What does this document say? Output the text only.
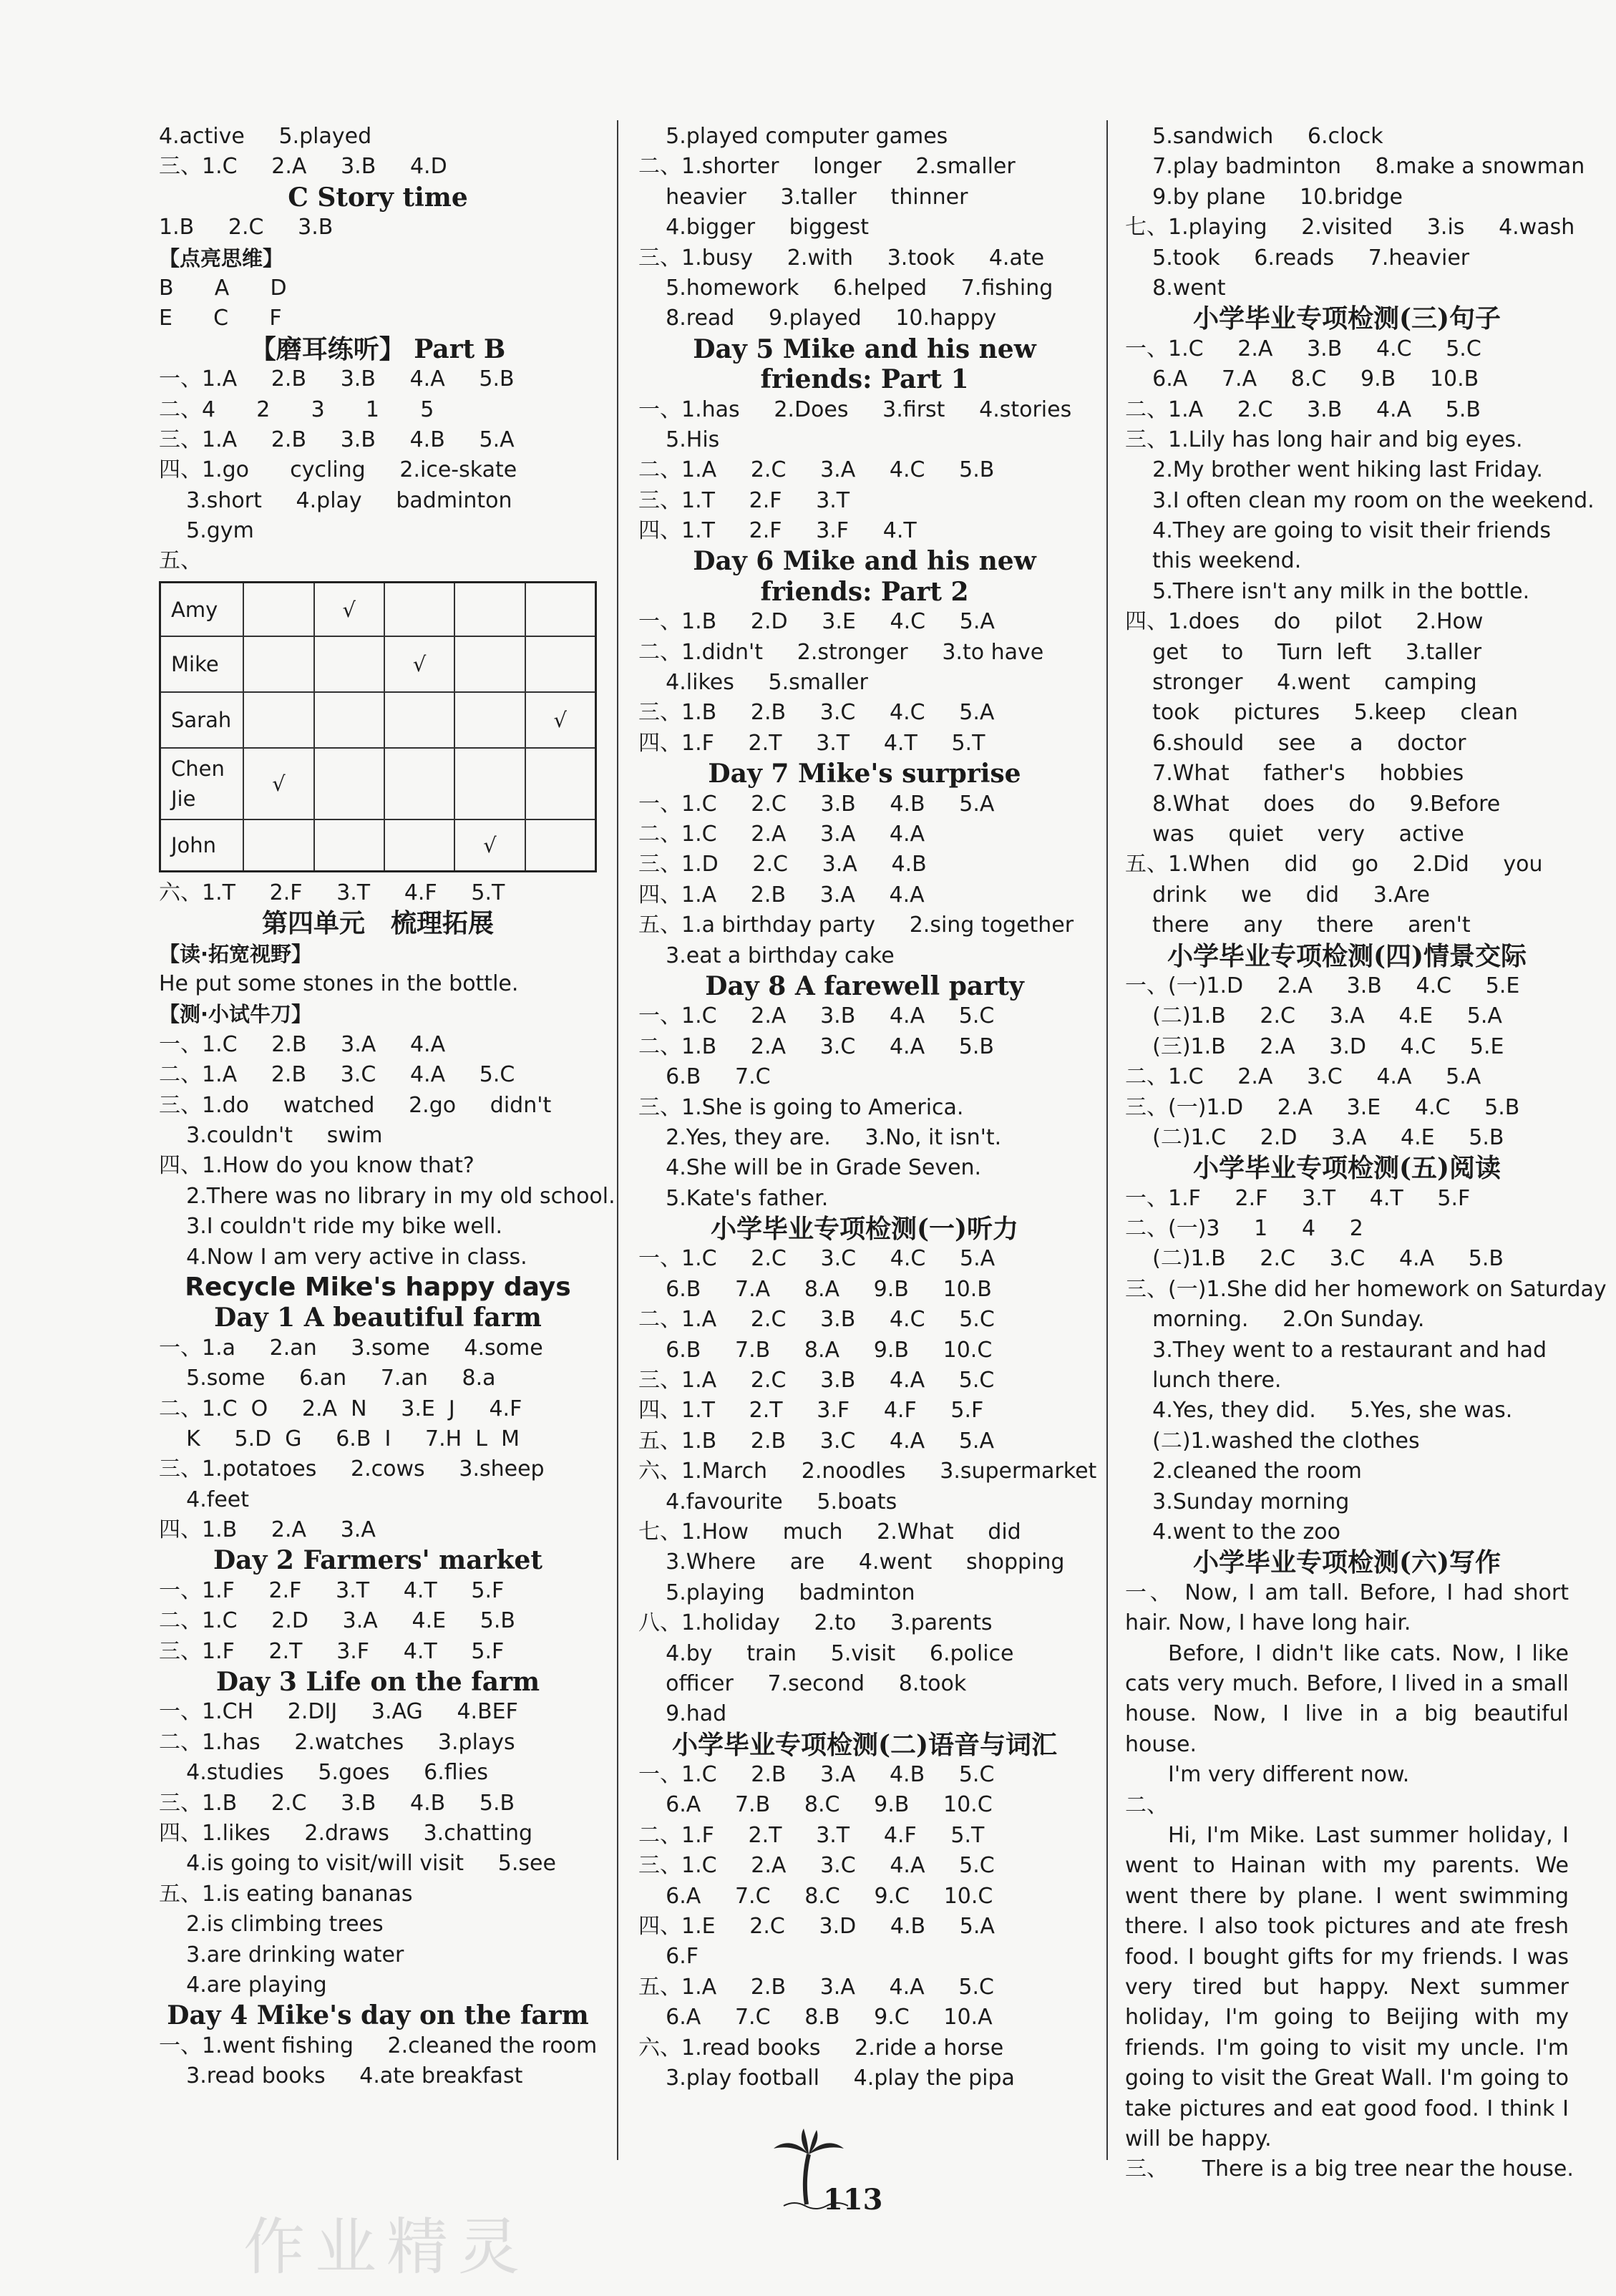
4.active     5.played
三、1.C     2.A     3.B     4.D
C Story time
1.B     2.C     3.B
【点亮思维】
B      A      D
E      C      F
【磨耳练听】 Part B
一、1.A     2.B     3.B     4.A     5.B
二、4      2      3      1      5
三、1.A     2.B     3.B     4.B     5.A
四、1.go      cycling     2.ice-skate
3.short     4.play     badminton
5.gym
五、
Amy		√			
Mike			√		
Sarah					√
Chen Jie	√				
John				√	
六、1.T     2.F     3.T     4.F     5.T
第四单元　梳理拓展
【读·拓宽视野】
He put some stones in the bottle.
【测·小试牛刀】
一、1.C     2.B     3.A     4.A
二、1.A     2.B     3.C     4.A     5.C
三、1.do     watched     2.go     didn't
3.couldn't     swim
四、1.How do you know that?
2.There was no library in my old school.
3.I couldn't ride my bike well.
4.Now I am very active in class.
Recycle Mike's happy days
Day 1 A beautiful farm
一、1.a     2.an     3.some     4.some
5.some     6.an     7.an     8.a
二、1.C  O     2.A  N     3.E  J     4.F
K     5.D  G     6.B  I     7.H  L  M
三、1.potatoes     2.cows     3.sheep
4.feet
四、1.B     2.A     3.A
Day 2 Farmers' market
一、1.F     2.F     3.T     4.T     5.F
二、1.C     2.D     3.A     4.E     5.B
三、1.F     2.T     3.F     4.T     5.F
Day 3 Life on the farm
一、1.CH     2.DIJ     3.AG     4.BEF
二、1.has     2.watches     3.plays
4.studies     5.goes     6.flies
三、1.B     2.C     3.B     4.B     5.B
四、1.likes     2.draws     3.chatting
4.is going to visit/will visit     5.see
五、1.is eating bananas
2.is climbing trees
3.are drinking water
4.are playing
Day 4 Mike's day on the farm
一、1.went fishing     2.cleaned the room
3.read books     4.ate breakfast
5.played computer games
二、1.shorter     longer     2.smaller
heavier     3.taller     thinner
4.bigger     biggest
三、1.busy     2.with     3.took     4.ate
5.homework     6.helped     7.fishing
8.read     9.played     10.happy
Day 5 Mike and his new
friends: Part 1
一、1.has     2.Does     3.first     4.stories
5.His
二、1.A     2.C     3.A     4.C     5.B
三、1.T     2.F     3.T
四、1.T     2.F     3.F     4.T
Day 6 Mike and his new
friends: Part 2
一、1.B     2.D     3.E     4.C     5.A
二、1.didn't     2.stronger     3.to have
4.likes     5.smaller
三、1.B     2.B     3.C     4.C     5.A
四、1.F     2.T     3.T     4.T     5.T
Day 7 Mike's surprise
一、1.C     2.C     3.B     4.B     5.A
二、1.C     2.A     3.A     4.A
三、1.D     2.C     3.A     4.B
四、1.A     2.B     3.A     4.A
五、1.a birthday party     2.sing together
3.eat a birthday cake
Day 8 A farewell party
一、1.C     2.A     3.B     4.A     5.C
二、1.B     2.A     3.C     4.A     5.B
6.B     7.C
三、1.She is going to America.
2.Yes, they are.     3.No, it isn't.
4.She will be in Grade Seven.
5.Kate's father.
小学毕业专项检测(一)听力
一、1.C     2.C     3.C     4.C     5.A
6.B     7.A     8.A     9.B     10.B
二、1.A     2.C     3.B     4.C     5.C
6.B     7.B     8.A     9.B     10.C
三、1.A     2.C     3.B     4.A     5.C
四、1.T     2.T     3.F     4.F     5.F
五、1.B     2.B     3.C     4.A     5.A
六、1.March     2.noodles     3.supermarket
4.favourite     5.boats
七、1.How     much     2.What     did
3.Where     are     4.went     shopping
5.playing     badminton
八、1.holiday     2.to     3.parents
4.by     train     5.visit     6.police
officer     7.second     8.took
9.had
小学毕业专项检测(二)语音与词汇
一、1.C     2.B     3.A     4.B     5.C
6.A     7.B     8.C     9.B     10.C
二、1.F     2.T     3.T     4.F     5.T
三、1.C     2.A     3.C     4.A     5.C
6.A     7.C     8.C     9.C     10.C
四、1.E     2.C     3.D     4.B     5.A
6.F
五、1.A     2.B     3.A     4.A     5.C
6.A     7.C     8.B     9.C     10.A
六、1.read books     2.ride a horse
3.play football     4.play the pipa
5.sandwich     6.clock
7.play badminton     8.make a snowman
9.by plane     10.bridge
七、1.playing     2.visited     3.is     4.wash
5.took     6.reads     7.heavier
8.went
小学毕业专项检测(三)句子
一、1.C     2.A     3.B     4.C     5.C
6.A     7.A     8.C     9.B     10.B
二、1.A     2.C     3.B     4.A     5.B
三、1.Lily has long hair and big eyes.
2.My brother went hiking last Friday.
3.I often clean my room on the weekend.
4.They are going to visit their friends
this weekend.
5.There isn't any milk in the bottle.
四、1.does     do     pilot     2.How
get     to     Turn  left     3.taller
stronger     4.went     camping
took     pictures     5.keep     clean
6.should     see     a     doctor
7.What     father's     hobbies
8.What     does     do     9.Before
was     quiet     very     active
五、1.When     did     go     2.Did     you
drink     we     did     3.Are
there     any     there     aren't
小学毕业专项检测(四)情景交际
一、(一)1.D     2.A     3.B     4.C     5.E
(二)1.B     2.C     3.A     4.E     5.A
(三)1.B     2.A     3.D     4.C     5.E
二、1.C     2.A     3.C     4.A     5.A
三、(一)1.D     2.A     3.E     4.C     5.B
(二)1.C     2.D     3.A     4.E     5.B
小学毕业专项检测(五)阅读
一、1.F     2.F     3.T     4.T     5.F
二、(一)3     1     4     2
(二)1.B     2.C     3.C     4.A     5.B
三、(一)1.She did her homework on Saturday
morning.     2.On Sunday.
3.They went to a restaurant and had
lunch there.
4.Yes, they did.     5.Yes, she was.
(二)1.washed the clothes
2.cleaned the room
3.Sunday morning
4.went to the zoo
小学毕业专项检测(六)写作
一、 Now, I am tall. Before, I had short hair. Now, I have long hair.
Before, I didn't like cats. Now, I like cats very much. Before, I lived in a small house. Now, I live in a big beautiful house.
I'm very different now.
二、
Hi, I'm Mike. Last summer holiday, I went to Hainan with my parents. We went there by plane. I went swimming there. I also took pictures and ate fresh food. I bought gifts for my friends. I was very tired but happy. Next summer holiday, I'm going to Beijing with my friends. I'm going to visit my uncle. I'm going to visit the Great Wall. I'm going to take pictures and eat good food. I think I will be happy.
三、     There is a big tree near the house.
113
作业精灵
